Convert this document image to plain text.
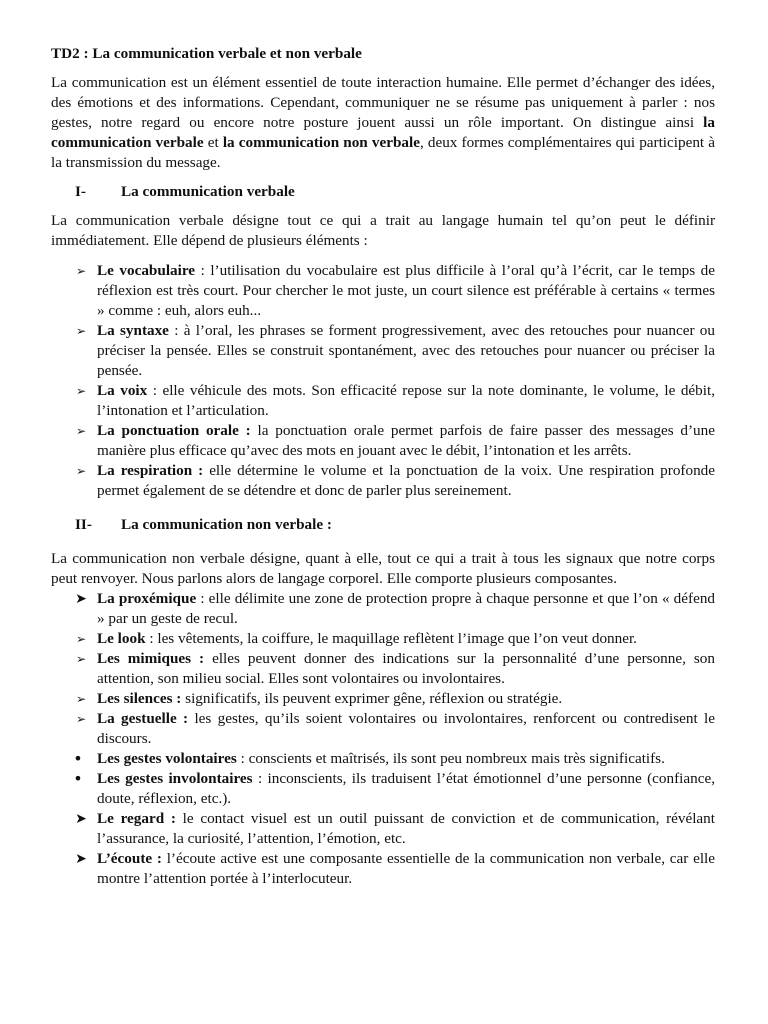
TD2 : La communication verbale et non verbale

La communication est un élément essentiel de toute interaction humaine. Elle permet d’échanger des idées, des émotions et des informations. Cependant, communiquer ne se résume pas uniquement à parler : nos gestes, notre regard ou encore notre posture jouent aussi un rôle important. On distingue ainsi la communication verbale et la communication non verbale, deux formes complémentaires qui participent à la transmission du message.

I-	La communication verbale

La communication verbale désigne tout ce qui a trait au langage humain tel qu’on peut le définir immédiatement. Elle dépend de plusieurs éléments :

➢ Le vocabulaire : l’utilisation du vocabulaire est plus difficile à l’oral qu’à l’écrit, car le temps de réflexion est très court. Pour chercher le mot juste, un court silence est préférable à certains « termes » comme : euh, alors euh...
➢ La syntaxe : à l’oral, les phrases se forment progressivement, avec des retouches pour nuancer ou préciser la pensée. Elles se construit spontanément, avec des retouches pour nuancer ou préciser la pensée.
➢ La voix : elle véhicule des mots. Son efficacité repose sur la note dominante, le volume, le débit, l’intonation et l’articulation.
➢ La ponctuation orale : la ponctuation orale permet parfois de faire passer des messages d’une manière plus efficace qu’avec des mots en jouant avec le débit, l’intonation et les arrêts.
➢ La respiration : elle détermine le volume et la ponctuation de la voix. Une respiration profonde permet également de se détendre et donc de parler plus sereinement.
II-	La communication non verbale :

La communication non verbale désigne, quant à elle, tout ce qui a trait à tous les signaux que notre corps peut renvoyer. Nous parlons alors de langage corporel. Elle comporte plusieurs composantes.

➤ La proxémique : elle délimite une zone de protection propre à chaque personne et que l’on « défend » par un geste de recul.
➢ Le look : les vêtements, la coiffure, le maquillage reflètent l’image que l’on veut donner.
➢ Les mimiques : elles peuvent donner des indications sur la personnalité d’une personne, son attention, son milieu social. Elles sont volontaires ou involontaires.
➢ Les silences : significatifs, ils peuvent exprimer gêne, réflexion ou stratégie.
➢ La gestuelle : les gestes, qu’ils soient volontaires ou involontaires, renforcent ou contredisent le discours.
• Les gestes volontaires : conscients et maîtrisés, ils sont peu nombreux mais très significatifs.
• Les gestes involontaires : inconscients, ils traduisent l’état émotionnel d’une personne (confiance, doute, réflexion, etc.).
➤ Le regard : le contact visuel est un outil puissant de conviction et de communication, révélant l’assurance, la curiosité, l’attention, l’émotion, etc.
➤ L’écoute : l’écoute active est une composante essentielle de la communication non verbale, car elle montre l’attention portée à l’interlocuteur.
